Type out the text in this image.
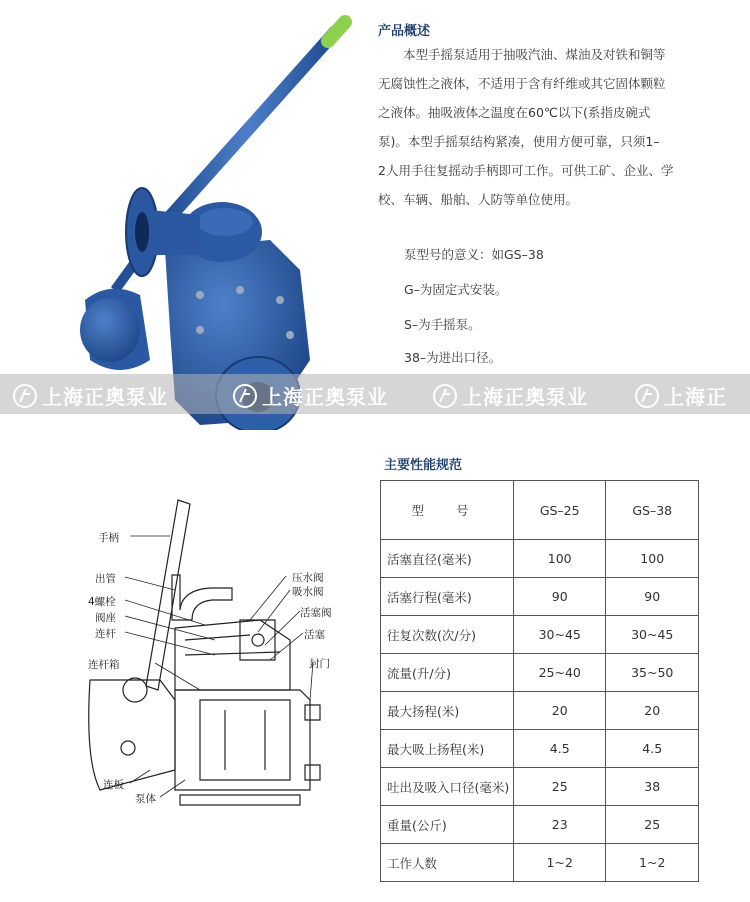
产品概述

本型手摇泵适用于抽吸汽油、煤油及对铁和铜等

无腐蚀性之液体，不适用于含有纤维或其它固体颗粒

之液体。抽吸液体之温度在60℃以下(系指皮碗式

泵)。本型手摇泵结构紧凑，使用方便可靠，只须1–

2人用手往复摇动手柄即可工作。可供工矿、企业、学

校、车辆、船舶、人防等单位使用。

泵型号的意义：如GS–38
G–为固定式安装。
S–为手摇泵。
38–为进出口径。
上海正奥泵业	上海正奥泵业	上海正奥泵业	上海正
手柄
出管
4螺栓
阀座
连杆
连杆箱
连板
泵体
压水阀
吸水阀
活塞阀
活塞
封门
主要性能规范
型 号	GS–25	GS–38
活塞直径(毫米)	100	100
活塞行程(毫米)	90	90
往复次数(次/分)	30~45	30~45
流量(升/分)	25~40	35~50
最大扬程(米)	20	20
最大吸上扬程(米)	4.5	4.5
吐出及吸入口径(毫米)	25	38
重量(公斤)	23	25
工作人数	1~2	1~2
